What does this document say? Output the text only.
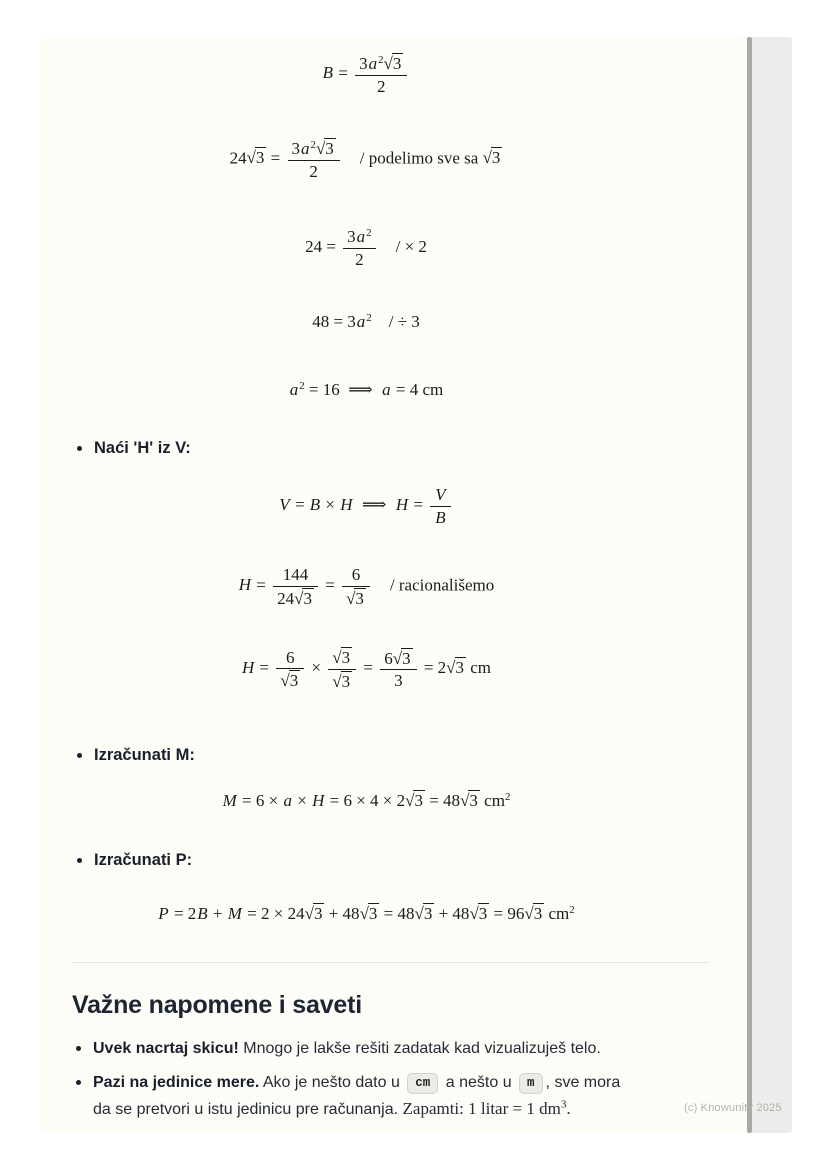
$B = \frac{3a^2√3}{2}$
$24√3 = \frac{3a^2√3}{2}$ / podelimo sve sa √3
$24 = \frac{3a^2}{2}$ / × 2
$48 = 3a^2$    / ÷ 3
$a^2 = 16$  ⟹  a = 4 cm
Naći 'H' iz V:
V = B × H  ⟹  $H = \frac{V}{B}$
$H = \frac{144}{24√3} = \frac{6}{√3}$ / racionališemo
$H = \frac{6}{√3} \times \frac{√3}{√3} = \frac{6√3}{3} = 2√3$ cm
Izračunati M:
M = 6 × a × H = 6 × 4 × 2√3 = 48√3 $cm^2$
Izračunati P:
P = 2B + M = 2 × 24√3 + 48√3 = 48√3 + 48√3 = 96√3 $cm^2$
Važne napomene i saveti
Uvek nacrtaj skicu! Mnogo je lakše rešiti zadatak kad vizualizuješ telo.
Pazi na jedinice mere. Ako je nešto dato u cm a nešto u m , sve mora
da se pretvori u istu jedinicu pre računanja. Zapamti: 1 litar = 1 $dm^3$.	(c) Knowunity 2025
